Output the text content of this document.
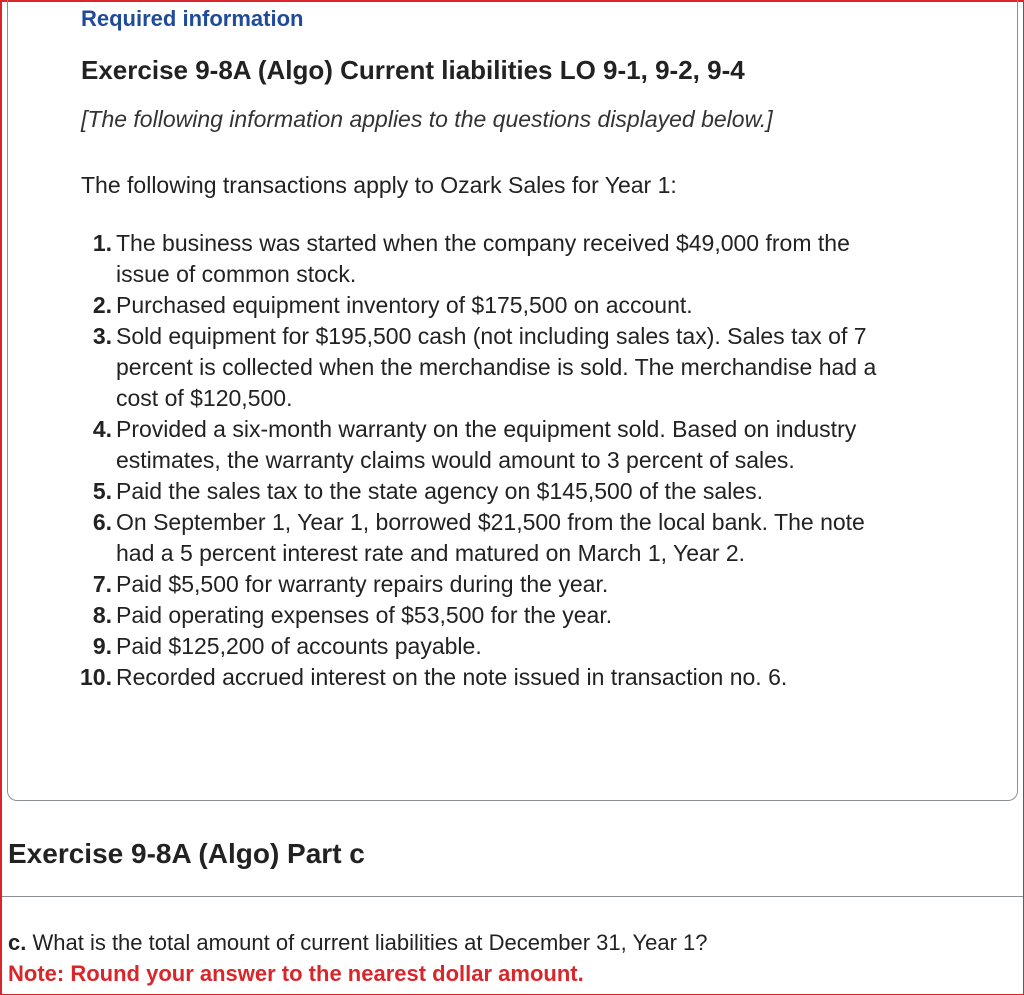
Required information
Exercise 9-8A (Algo) Current liabilities LO 9-1, 9-2, 9-4
[The following information applies to the questions displayed below.]
The following transactions apply to Ozark Sales for Year 1:
1. The business was started when the company received $49,000 from the issue of common stock.
2. Purchased equipment inventory of $175,500 on account.
3. Sold equipment for $195,500 cash (not including sales tax). Sales tax of 7 percent is collected when the merchandise is sold. The merchandise had a cost of $120,500.
4. Provided a six-month warranty on the equipment sold. Based on industry estimates, the warranty claims would amount to 3 percent of sales.
5. Paid the sales tax to the state agency on $145,500 of the sales.
6. On September 1, Year 1, borrowed $21,500 from the local bank. The note had a 5 percent interest rate and matured on March 1, Year 2.
7. Paid $5,500 for warranty repairs during the year.
8. Paid operating expenses of $53,500 for the year.
9. Paid $125,200 of accounts payable.
10. Recorded accrued interest on the note issued in transaction no. 6.
Exercise 9-8A (Algo) Part c
c. What is the total amount of current liabilities at December 31, Year 1?
Note: Round your answer to the nearest dollar amount.
